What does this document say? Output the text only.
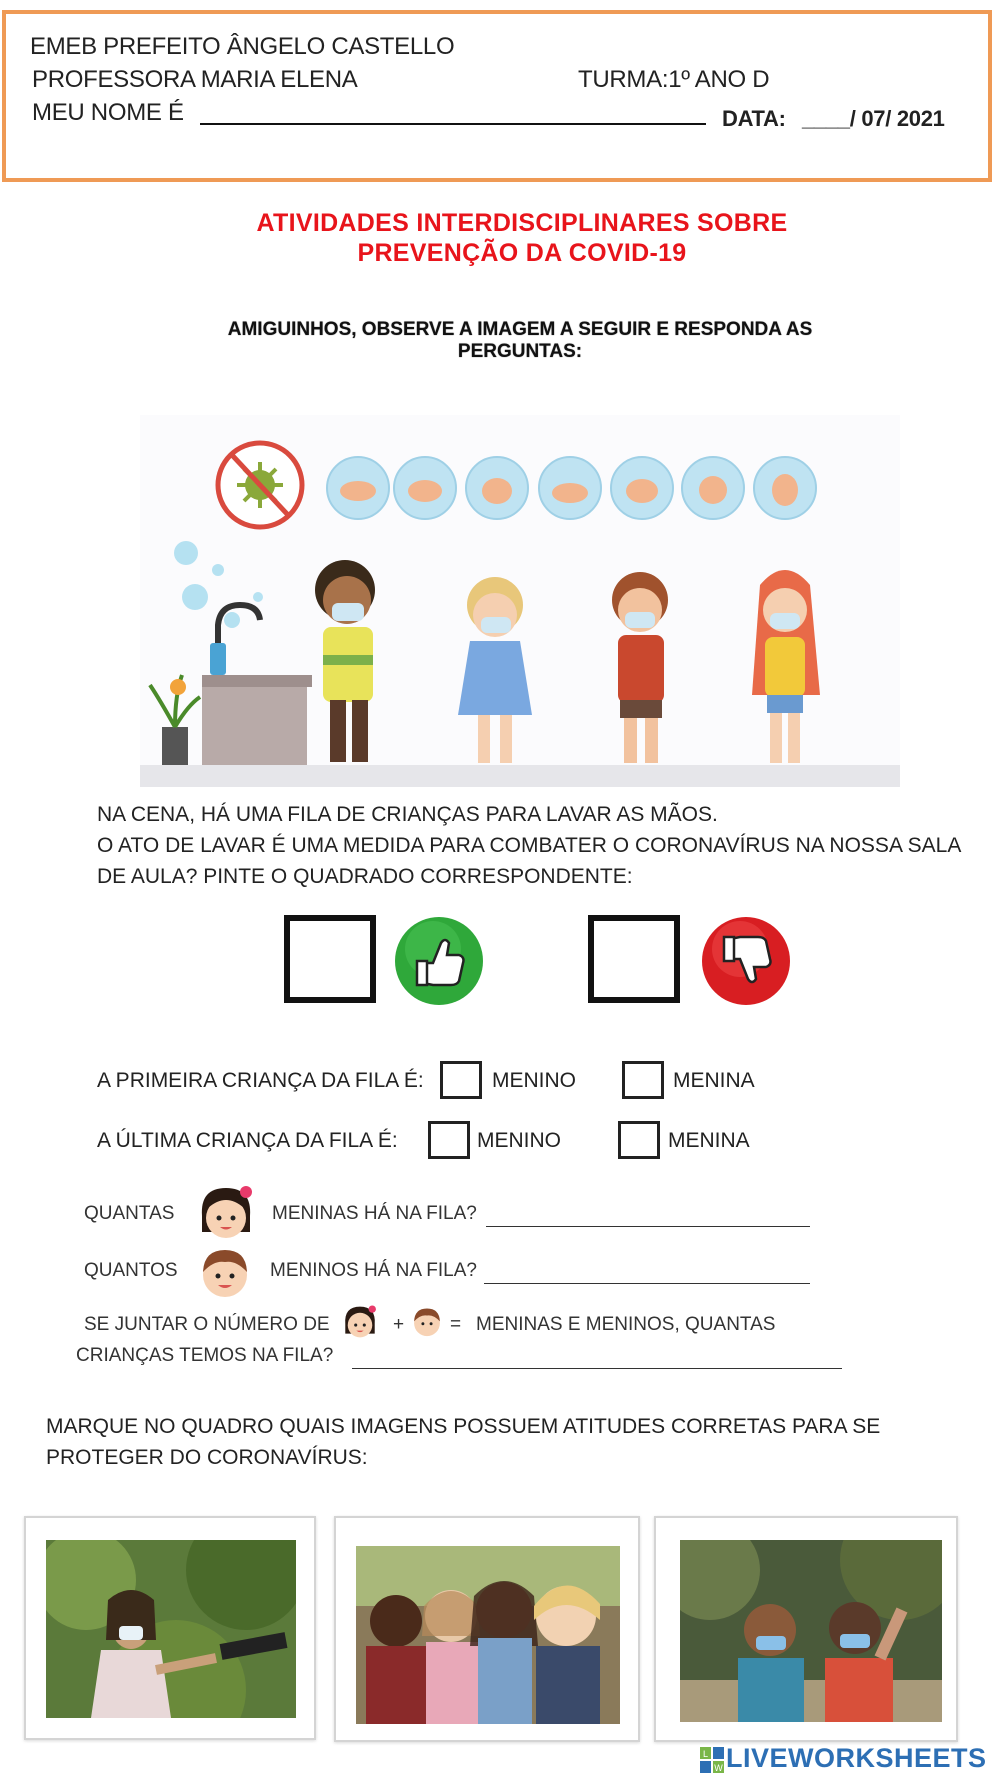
EMEB PREFEITO ÂNGELO CASTELLO
PROFESSORA MARIA ELENA	TURMA:1º ANO D
MEU NOME É	DATA: ____/ 07/ 2021
ATIVIDADES INTERDISCIPLINARES SOBRE
PREVENÇÃO DA COVID-19
AMIGUINHOS, OBSERVE A IMAGEM A SEGUIR E RESPONDA AS
PERGUNTAS:
NA CENA, HÁ UMA FILA DE CRIANÇAS PARA LAVAR AS MÃOS.
O ATO DE LAVAR É UMA MEDIDA PARA COMBATER O CORONAVÍRUS NA NOSSA SALA
DE AULA? PINTE O QUADRADO CORRESPONDENTE:
A PRIMEIRA CRIANÇA DA FILA É:	MENINO	MENINA
A ÚLTIMA CRIANÇA DA FILA É:	MENINO	MENINA
QUANTAS	MENINAS HÁ NA FILA?
QUANTOS	MENINOS HÁ NA FILA?
SE JUNTAR O NÚMERO DE	+ = MENINAS E MENINOS, QUANTAS
CRIANÇAS TEMOS NA FILA?
MARQUE NO QUADRO QUAIS IMAGENS POSSUEM ATITUDES CORRETAS PARA SE
PROTEGER DO CORONAVÍRUS:
L
W LIVEWORKSHEETS
